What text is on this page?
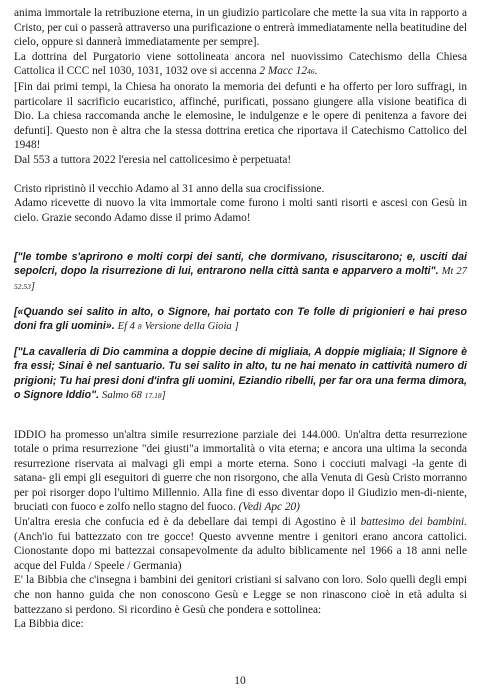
anima immortale la retribuzione eterna, in un giudizio particolare che mette la sua vita in rapporto a Cristo, per cui o passerà attraverso una purificazione o entrerà immediatamente nella beatitudine del cielo, oppure si dannerà immediatamente per sempre].

La dottrina del Purgatorio viene sottolineata ancora nel nuovissimo Catechismo della Chiesa Cattolica il CCC nel 1030, 1031, 1032 ove si accenna 2 Macc 1246.

[Fin dai primi tempi, la Chiesa ha onorato la memoria dei defunti e ha offerto per loro suffragi, in particolare il sacrificio eucaristico, affinché, purificati, possano giungere alla visione beatifica di Dio. La chiesa raccomanda anche le elemosine, le indulgenze e le opere di penitenza a favore dei defunti]. Questo non è altra che la stessa dottrina eretica che riportava il Catechismo Cattolico del 1948!

Dal 553 a tuttora 2022 l'eresia nel cattolicesimo è perpetuata!

Cristo ripristinò il vecchio Adamo al 31 anno della sua crocifissione.

Adamo ricevette di nuovo la vita immortale come furono i molti santi risorti e ascesi con Gesù in cielo. Grazie secondo Adamo disse il primo Adamo!

["le tombe s'aprirono e molti corpi dei santi, che dormivano, risuscitarono; e, usciti dai sepolcri, dopo la risurrezione di lui, entrarono nella città santa e apparvero a molti". Mt 27 52.53]

[«Quando sei salito in alto, o Signore, hai portato con Te folle di prigionieri e hai preso doni fra gli uomini». Ef 4 8 Versione della Gioia ]

["La cavalleria di Dio cammina a doppie decine di migliaia, A doppie migliaia; Il Signore è fra essi; Sinai è nel santuario. Tu sei salito in alto, tu ne hai menato in cattività numero di prigioni; Tu hai presi doni d'infra gli uomini, Eziandio ribelli, per far ora una ferma dimora, o Signore Iddio". Salmo 68 17.18]

IDDIO ha promesso un'altra simile resurrezione parziale dei 144.000. Un'altra detta resurrezione totale o prima resurrezione "dei giusti"a immortalità o vita eterna; e ancora una ultima la seconda resurrezione riservata ai malvagi gli empi a morte eterna. Sono i cocciuti malvagi -la gente di satana- gli empi gli eseguitori di guerre che non risorgono, che alla Venuta di Gesù Cristo morranno per poi risorger dopo l'ultimo Millennio. Alla fine di esso diventar dopo il Giudizio men-di-niente, bruciati con fuoco e zolfo nello stagno del fuoco. (Vedi Apc 20)

Un'altra eresia che confucia ed è da debellare dai tempi di Agostino è il battesimo dei bambini. (Anch'io fui battezzato con tre gocce! Questo avvenne mentre i genitori erano ancora cattolici. Cionostante dopo mi battezzai consapevolmente da adulto biblicamente nel 1966 a 18 anni nelle acque del Fulda / Speele / Germania)

E' la Bibbia che c'insegna i bambini dei genitori cristiani si salvano con loro. Solo quelli degli empi che non hanno guida che non conoscono Gesù e Legge se non rinascono cioè in età adulta si battezzano si perdono. Si ricordino è Gesù che pondera e sottolinea:

La Bibbia dice:

10
